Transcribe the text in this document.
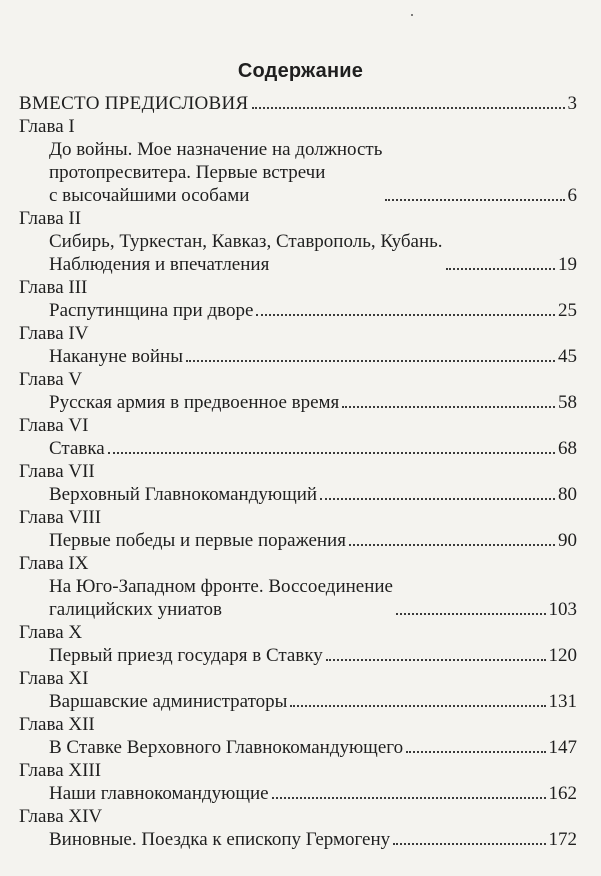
Содержание
ВМЕСТО ПРЕДИСЛОВИЯ	3
Глава I
До войны. Мое назначение на должность
протопресвитера. Первые встречи
с высочайшими особами	6
Глава II
Сибирь, Туркестан, Кавказ, Ставрополь, Кубань.
Наблюдения и впечатления	19
Глава III
Распутинщина при дворе	25
Глава IV
Накануне войны	45
Глава V
Русская армия в предвоенное время	58
Глава VI
Ставка	68
Глава VII
Верховный Главнокомандующий	80
Глава VIII
Первые победы и первые поражения	90
Глава IX
На Юго-Западном фронте. Воссоединение
галицийских униатов	103
Глава X
Первый приезд государя в Ставку	120
Глава XI
Варшавские администраторы	131
Глава XII
В Ставке Верховного Главнокомандующего	147
Глава XIII
Наши главнокомандующие	162
Глава XIV
Виновные. Поездка к епископу Гермогену	172
